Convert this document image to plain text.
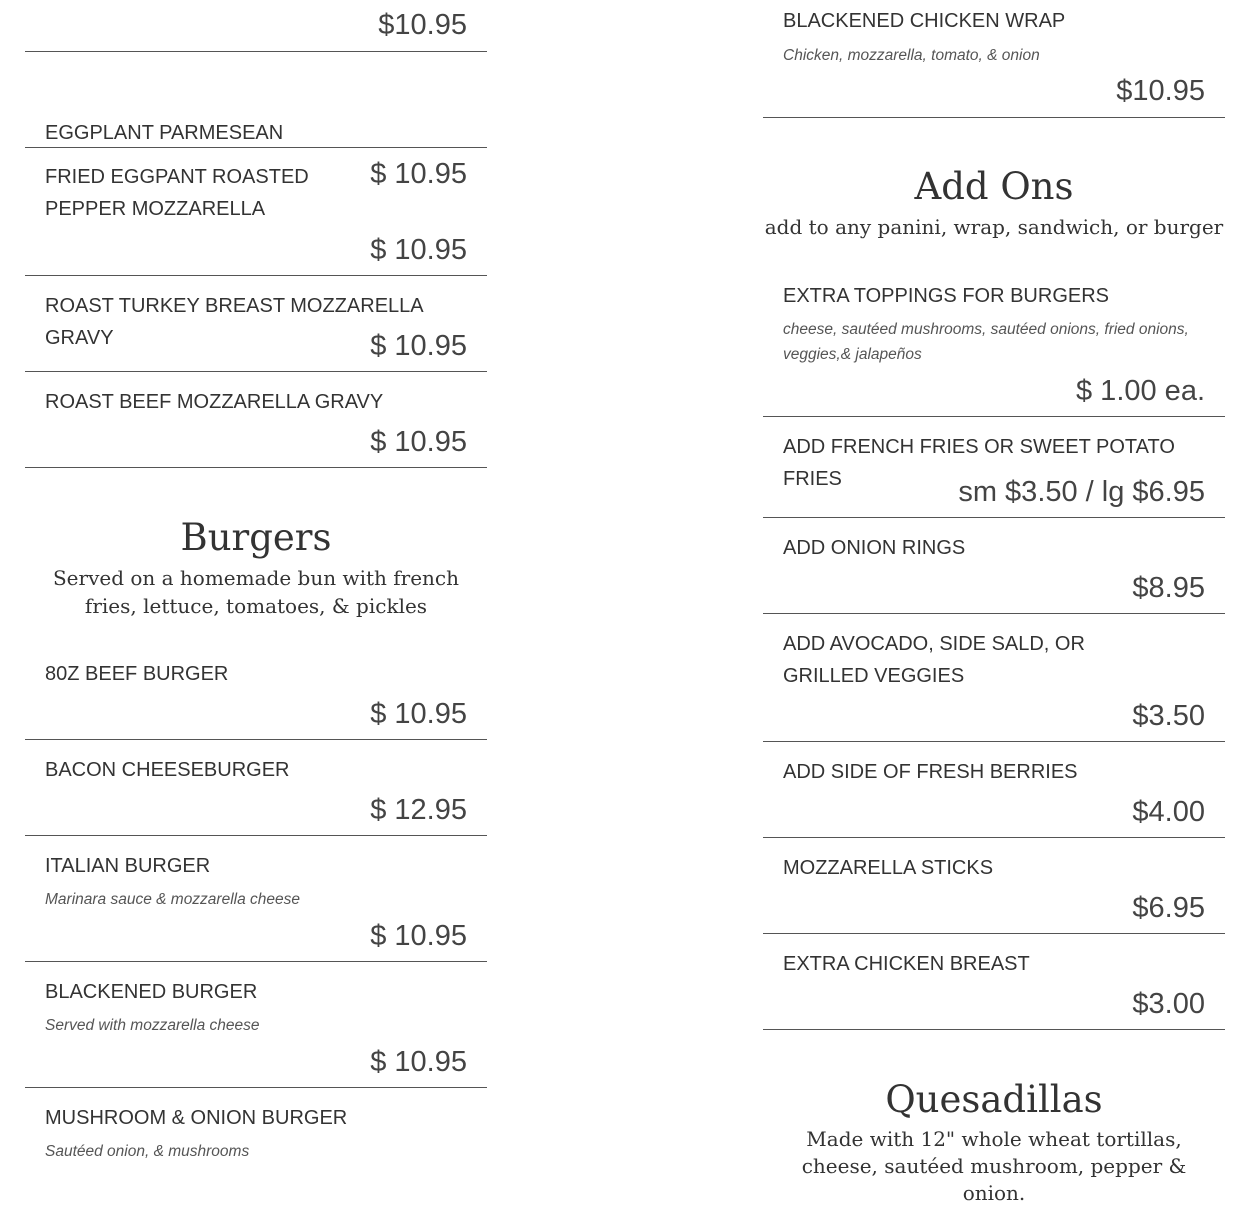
$10.95
EGGPLANT PARMESEAN
$ 10.95
FRIED EGGPANT ROASTED PEPPER MOZZARELLA
$ 10.95
ROAST TURKEY BREAST MOZZARELLA GRAVY	$ 10.95
ROAST BEEF MOZZARELLA GRAVY
$ 10.95
Burgers
Served on a homemade bun with french fries, lettuce, tomatoes, & pickles
80Z BEEF BURGER
$ 10.95
BACON CHEESEBURGER
$ 12.95
ITALIAN BURGER
Marinara sauce & mozzarella cheese
$ 10.95
BLACKENED BURGER
Served with mozzarella cheese
$ 10.95
MUSHROOM & ONION BURGER
Sautéed onion, & mushrooms
BLACKENED CHICKEN WRAP
Chicken, mozzarella, tomato, & onion
$10.95
Add Ons
add to any panini, wrap, sandwich, or burger
EXTRA TOPPINGS FOR BURGERS
cheese, sautéed mushrooms, sautéed onions, fried onions, veggies,& jalapeños
$ 1.00 ea.
ADD FRENCH FRIES OR SWEET POTATO FRIES	sm $3.50 / lg $6.95
ADD ONION RINGS
$8.95
ADD AVOCADO, SIDE SALD, OR GRILLED VEGGIES
$3.50
ADD SIDE OF FRESH BERRIES
$4.00
MOZZARELLA STICKS
$6.95
EXTRA CHICKEN BREAST
$3.00
Quesadillas
Made with 12" whole wheat tortillas, cheese, sautéed mushroom, pepper & onion.
